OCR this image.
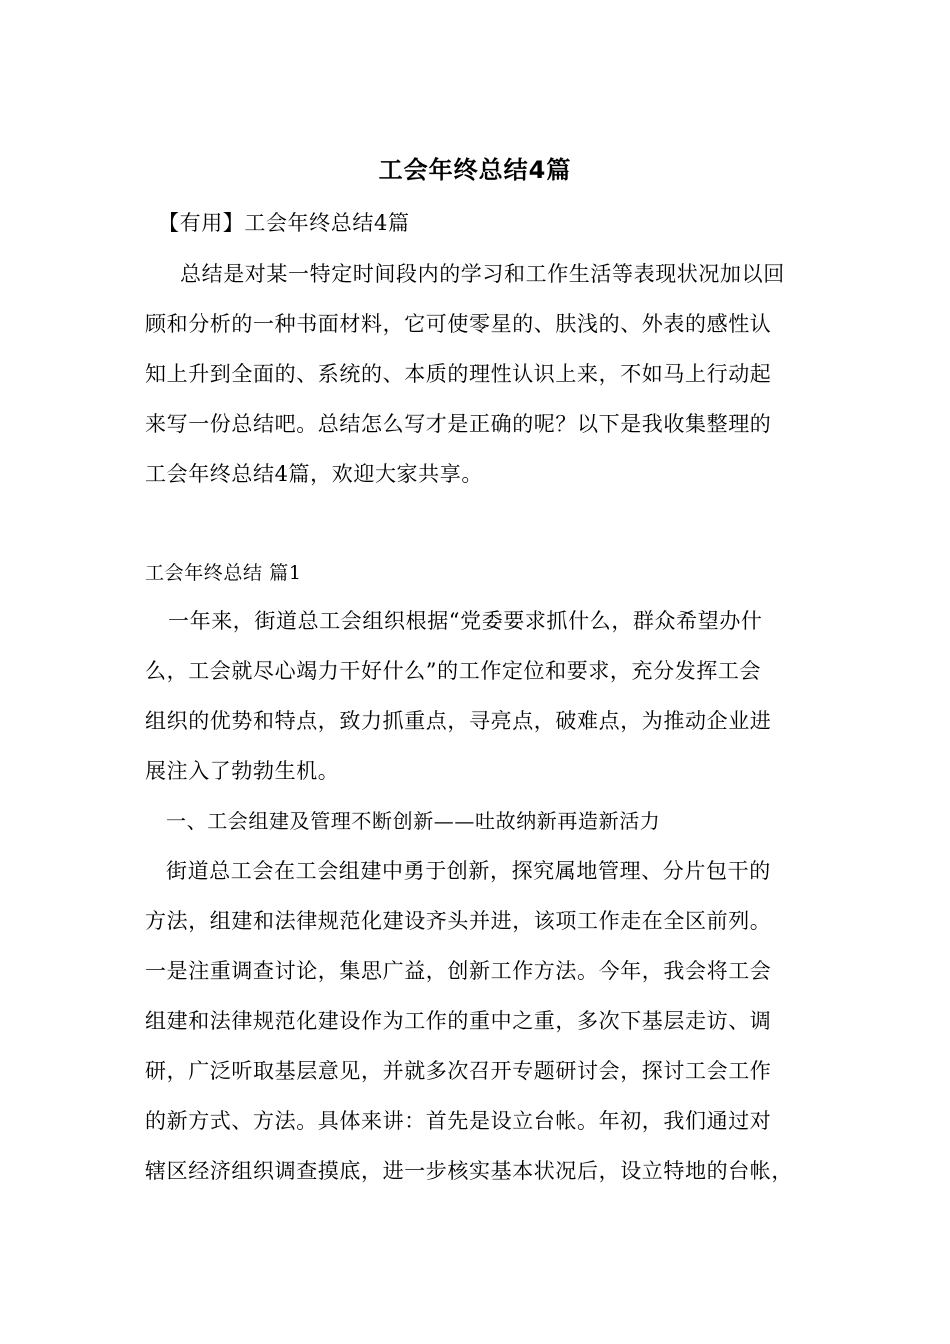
工会年终总结4篇
【有用】工会年终总结4篇
总结是对某一特定时间段内的学习和工作生活等表现状况加以回
顾和分析的一种书面材料，它可使零星的、肤浅的、外表的感性认
知上升到全面的、系统的、本质的理性认识上来，不如马上行动起
来写一份总结吧。总结怎么写才是正确的呢？以下是我收集整理的
工会年终总结4篇，欢迎大家共享。
工会年终总结 篇1
一年来，街道总工会组织根据“党委要求抓什么，群众希望办什
么，工会就尽心竭力干好什么”的工作定位和要求，充分发挥工会
组织的优势和特点，致力抓重点，寻亮点，破难点，为推动企业进
展注入了勃勃生机。
一、工会组建及管理不断创新——吐故纳新再造新活力
街道总工会在工会组建中勇于创新，探究属地管理、分片包干的
方法，组建和法律规范化建设齐头并进，该项工作走在全区前列。
一是注重调查讨论，集思广益，创新工作方法。今年，我会将工会
组建和法律规范化建设作为工作的重中之重，多次下基层走访、调
研，广泛听取基层意见，并就多次召开专题研讨会，探讨工会工作
的新方式、方法。具体来讲：首先是设立台帐。年初，我们通过对
辖区经济组织调查摸底，进一步核实基本状况后，设立特地的台帐，
